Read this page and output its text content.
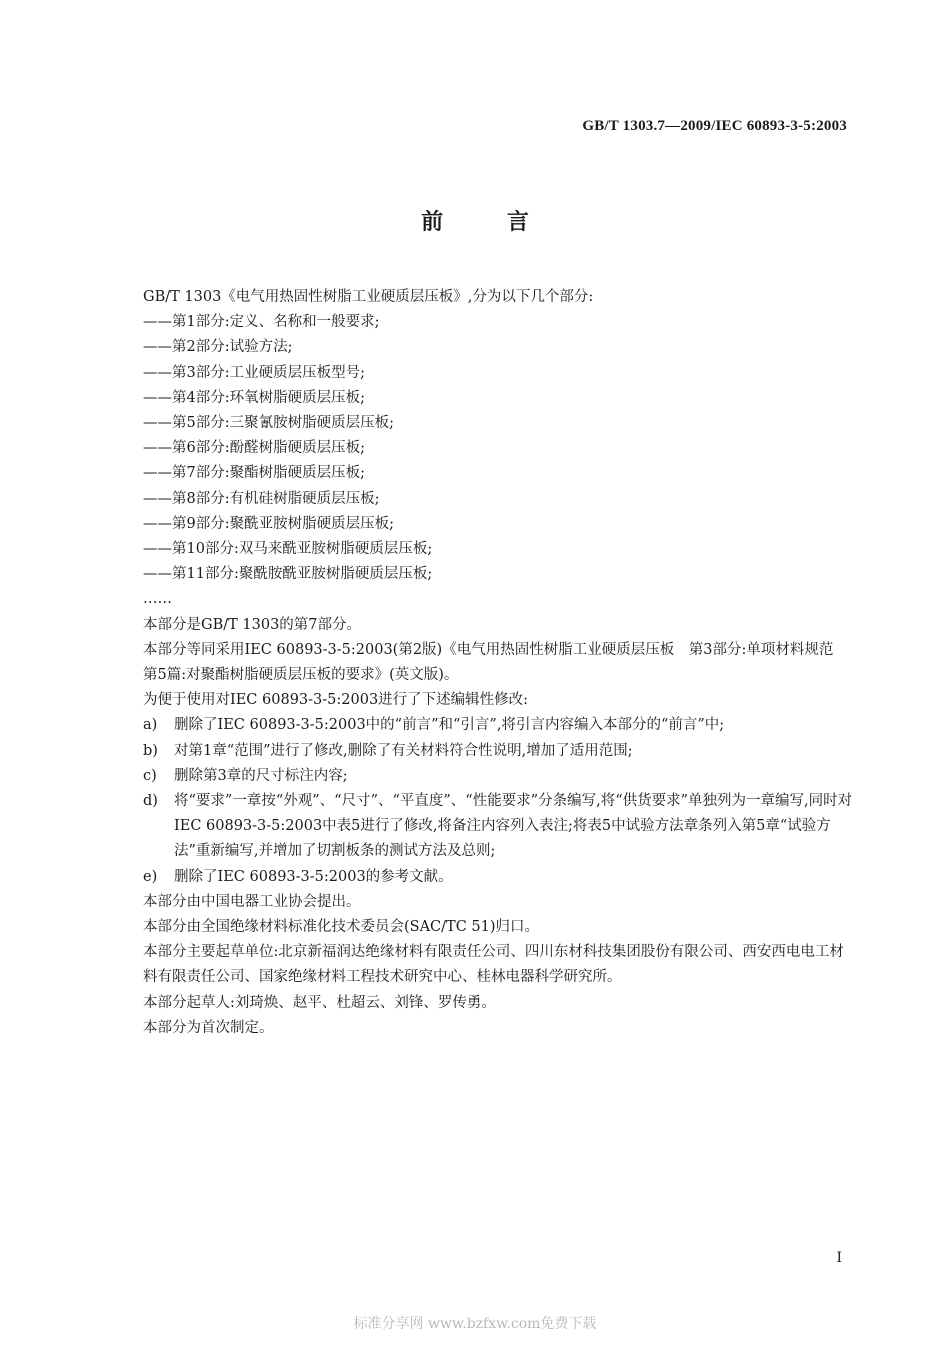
GB/T 1303.7—2009/IEC 60893-3-5:2003
前 言

GB/T 1303《电气用热固性树脂工业硬质层压板》,分为以下几个部分:

——第1部分:定义、名称和一般要求;

——第2部分:试验方法;

——第3部分:工业硬质层压板型号;

——第4部分:环氧树脂硬质层压板;

——第5部分:三聚氰胺树脂硬质层压板;

——第6部分:酚醛树脂硬质层压板;

——第7部分:聚酯树脂硬质层压板;

——第8部分:有机硅树脂硬质层压板;

——第9部分:聚酰亚胺树脂硬质层压板;

——第10部分:双马来酰亚胺树脂硬质层压板;

——第11部分:聚酰胺酰亚胺树脂硬质层压板;

……

本部分是GB/T 1303的第7部分。

本部分等同采用IEC 60893-3-5:2003(第2版)《电气用热固性树脂工业硬质层压板　第3部分:单项材料规范　第5篇:对聚酯树脂硬质层压板的要求》(英文版)。

为便于使用对IEC 60893-3-5:2003进行了下述编辑性修改:

a)	删除了IEC 60893-3-5:2003中的“前言”和“引言”,将引言内容编入本部分的“前言”中;
b)	对第1章“范围”进行了修改,删除了有关材料符合性说明,增加了适用范围;
c)	删除第3章的尺寸标注内容;
d)	将“要求”一章按“外观”、“尺寸”、“平直度”、“性能要求”分条编写,将“供货要求”单独列为一章编写,同时对IEC 60893-3-5:2003中表5进行了修改,将备注内容列入表注;将表5中试验方法章条列入第5章“试验方法”重新编写,并增加了切割板条的测试方法及总则;
e)	删除了IEC 60893-3-5:2003的参考文献。

本部分由中国电器工业协会提出。

本部分由全国绝缘材料标准化技术委员会(SAC/TC 51)归口。

本部分主要起草单位:北京新福润达绝缘材料有限责任公司、四川东材科技集团股份有限公司、西安西电电工材料有限责任公司、国家绝缘材料工程技术研究中心、桂林电器科学研究所。

本部分起草人:刘琦焕、赵平、杜超云、刘锋、罗传勇。

本部分为首次制定。

I
标准分享网 www.bzfxw.com免费下载
